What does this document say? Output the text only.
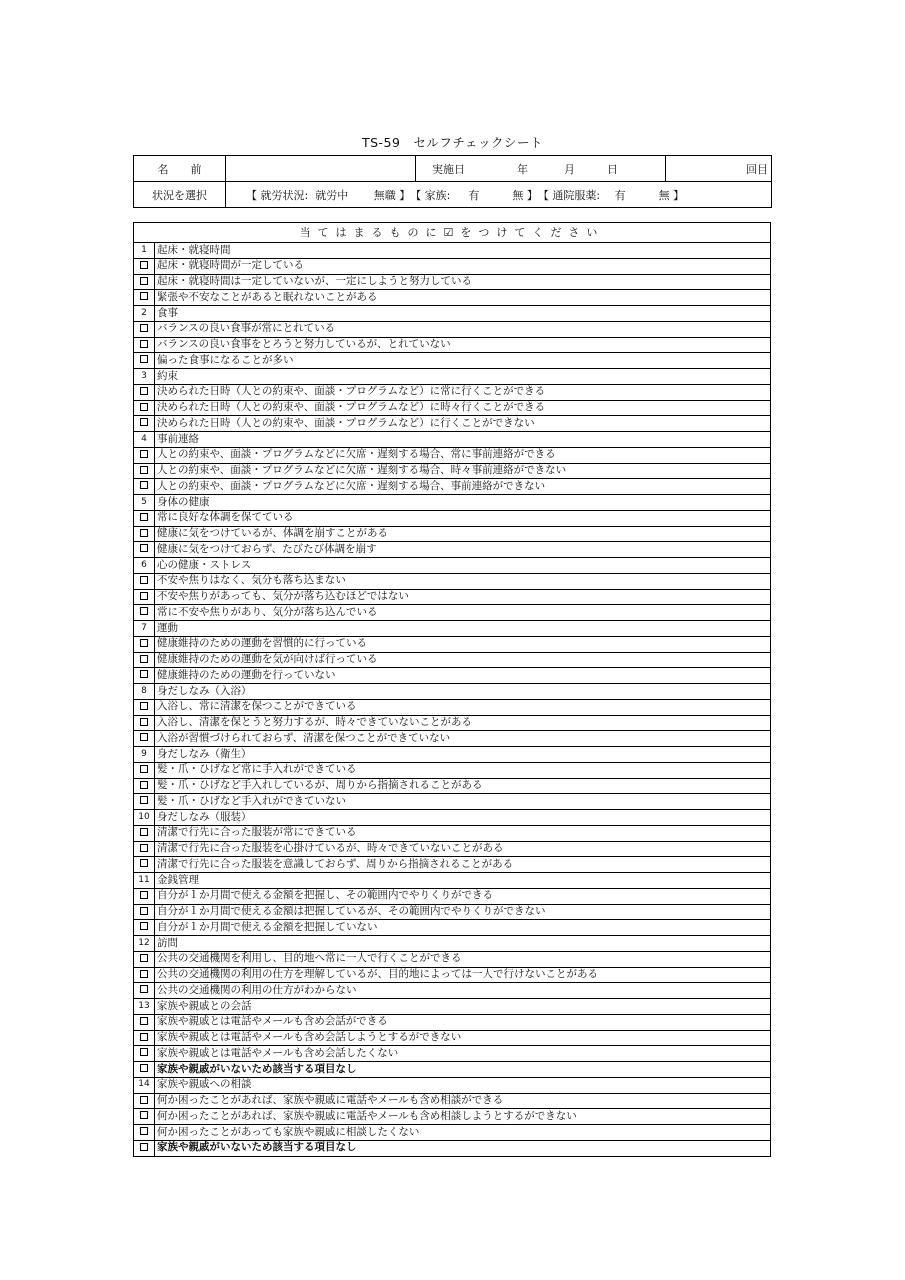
TS-59　セルフチェックシート
名　　前		実施日 年 月 日	回目
状況を選択	【 就労状況:  就労中　　 無職 】　【 家族:  　有　　　無 】　【 通院服薬: 　有　　　無 】		
当てはまるものに☑をつけてください	
1	起床・就寝時間
	起床・就寝時間が一定している
	起床・就寝時間は一定していないが、一定にしようと努力している
	緊張や不安なことがあると眠れないことがある
2	食事
	バランスの良い食事が常にとれている
	バランスの良い食事をとろうと努力しているが、とれていない
	偏った食事になることが多い
3	約束
	決められた日時（人との約束や、面談・プログラムなど）に常に行くことができる
	決められた日時（人との約束や、面談・プログラムなど）に時々行くことができる
	決められた日時（人との約束や、面談・プログラムなど）に行くことができない
4	事前連絡
	人との約束や、面談・プログラムなどに欠席・遅刻する場合、常に事前連絡ができる
	人との約束や、面談・プログラムなどに欠席・遅刻する場合、時々事前連絡ができない
	人との約束や、面談・プログラムなどに欠席・遅刻する場合、事前連絡ができない
5	身体の健康
	常に良好な体調を保てている
	健康に気をつけているが、体調を崩すことがある
	健康に気をつけておらず、たびたび体調を崩す
6	心の健康・ストレス
	不安や焦りはなく、気分も落ち込まない
	不安や焦りがあっても、気分が落ち込むほどではない
	常に不安や焦りがあり、気分が落ち込んでいる
7	運動
	健康維持のための運動を習慣的に行っている
	健康維持のための運動を気が向けば行っている
	健康維持のための運動を行っていない
8	身だしなみ（入浴）
	入浴し、常に清潔を保つことができている
	入浴し、清潔を保とうと努力するが、時々できていないことがある
	入浴が習慣づけられておらず、清潔を保つことができていない
9	身だしなみ（衛生）
	髪・爪・ひげなど常に手入れができている
	髪・爪・ひげなど手入れしているが、周りから指摘されることがある
	髪・爪・ひげなど手入れができていない
10	身だしなみ（服装）
	清潔で行先に合った服装が常にできている
	清潔で行先に合った服装を心掛けているが、時々できていないことがある
	清潔で行先に合った服装を意識しておらず、周りから指摘されることがある
11	金銭管理
	自分が１か月間で使える金額を把握し、その範囲内でやりくりができる
	自分が１か月間で使える金額は把握しているが、その範囲内でやりくりができない
	自分が１か月間で使える金額を把握していない
12	訪問
	公共の交通機関を利用し、目的地へ常に一人で行くことができる
	公共の交通機関の利用の仕方を理解しているが、目的地によっては一人で行けないことがある
	公共の交通機関の利用の仕方がわからない
13	家族や親戚との会話
	家族や親戚とは電話やメールも含め会話ができる
	家族や親戚とは電話やメールも含め会話しようとするができない
	家族や親戚とは電話やメールも含め会話したくない
	家族や親戚がいないため該当する項目なし
14	家族や親戚への相談
	何か困ったことがあれば、家族や親戚に電話やメールも含め相談ができる
	何か困ったことがあれば、家族や親戚に電話やメールも含め相談しようとするができない
	何か困ったことがあっても家族や親戚に相談したくない
	家族や親戚がいないため該当する項目なし
